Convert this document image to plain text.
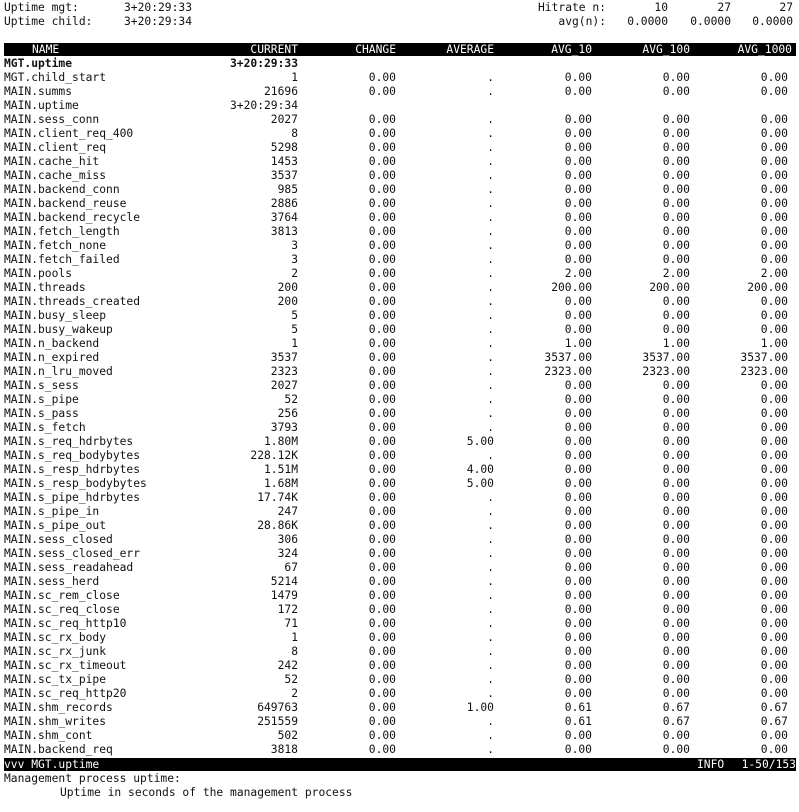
Uptime mgt:	3+20:29:33
Uptime child:	3+20:29:34
Hitrate n:	10	27	27
avg(n): 0.0000 0.0000 0.0000
NAME	CURRENT	CHANGE	AVERAGE	AVG_10	AVG_100	AVG_1000
MGT.uptime	3+20:29:33
MGT.child_start	1	0.00	.	0.00	0.00	0.00
MAIN.summs	21696	0.00	.	0.00	0.00	0.00
MAIN.uptime	3+20:29:34
MAIN.sess_conn	2027	0.00	.	0.00	0.00	0.00
MAIN.client_req_400	8	0.00	.	0.00	0.00	0.00
MAIN.client_req	5298	0.00	.	0.00	0.00	0.00
MAIN.cache_hit	1453	0.00	.	0.00	0.00	0.00
MAIN.cache_miss	3537	0.00	.	0.00	0.00	0.00
MAIN.backend_conn	985	0.00	.	0.00	0.00	0.00
MAIN.backend_reuse	2886	0.00	.	0.00	0.00	0.00
MAIN.backend_recycle	3764	0.00	.	0.00	0.00	0.00
MAIN.fetch_length	3813	0.00	.	0.00	0.00	0.00
MAIN.fetch_none	3	0.00	.	0.00	0.00	0.00
MAIN.fetch_failed	3	0.00	.	0.00	0.00	0.00
MAIN.pools	2	0.00	.	2.00	2.00	2.00
MAIN.threads	200	0.00	.	200.00	200.00	200.00
MAIN.threads_created	200	0.00	.	0.00	0.00	0.00
MAIN.busy_sleep	5	0.00	.	0.00	0.00	0.00
MAIN.busy_wakeup	5	0.00	.	0.00	0.00	0.00
MAIN.n_backend	1	0.00	.	1.00	1.00	1.00
MAIN.n_expired	3537	0.00	.	3537.00	3537.00	3537.00
MAIN.n_lru_moved	2323	0.00	.	2323.00	2323.00	2323.00
MAIN.s_sess	2027	0.00	.	0.00	0.00	0.00
MAIN.s_pipe	52	0.00	.	0.00	0.00	0.00
MAIN.s_pass	256	0.00	.	0.00	0.00	0.00
MAIN.s_fetch	3793	0.00	.	0.00	0.00	0.00
MAIN.s_req_hdrbytes	1.80M	0.00	5.00	0.00	0.00	0.00
MAIN.s_req_bodybytes	228.12K	0.00	.	0.00	0.00	0.00
MAIN.s_resp_hdrbytes	1.51M	0.00	4.00	0.00	0.00	0.00
MAIN.s_resp_bodybytes	1.68M	0.00	5.00	0.00	0.00	0.00
MAIN.s_pipe_hdrbytes	17.74K	0.00	.	0.00	0.00	0.00
MAIN.s_pipe_in	247	0.00	.	0.00	0.00	0.00
MAIN.s_pipe_out	28.86K	0.00	.	0.00	0.00	0.00
MAIN.sess_closed	306	0.00	.	0.00	0.00	0.00
MAIN.sess_closed_err	324	0.00	.	0.00	0.00	0.00
MAIN.sess_readahead	67	0.00	.	0.00	0.00	0.00
MAIN.sess_herd	5214	0.00	.	0.00	0.00	0.00
MAIN.sc_rem_close	1479	0.00	.	0.00	0.00	0.00
MAIN.sc_req_close	172	0.00	.	0.00	0.00	0.00
MAIN.sc_req_http10	71	0.00	.	0.00	0.00	0.00
MAIN.sc_rx_body	1	0.00	.	0.00	0.00	0.00
MAIN.sc_rx_junk	8	0.00	.	0.00	0.00	0.00
MAIN.sc_rx_timeout	242	0.00	.	0.00	0.00	0.00
MAIN.sc_tx_pipe	52	0.00	.	0.00	0.00	0.00
MAIN.sc_req_http20	2	0.00	.	0.00	0.00	0.00
MAIN.shm_records	649763	0.00	1.00	0.61	0.67	0.67
MAIN.shm_writes	251559	0.00	.	0.61	0.67	0.67
MAIN.shm_cont	502	0.00	.	0.00	0.00	0.00
MAIN.backend_req	3818	0.00	.	0.00	0.00	0.00
vvv MGT.uptime	INFO 1-50/153
Management process uptime:
Uptime in seconds of the management process
